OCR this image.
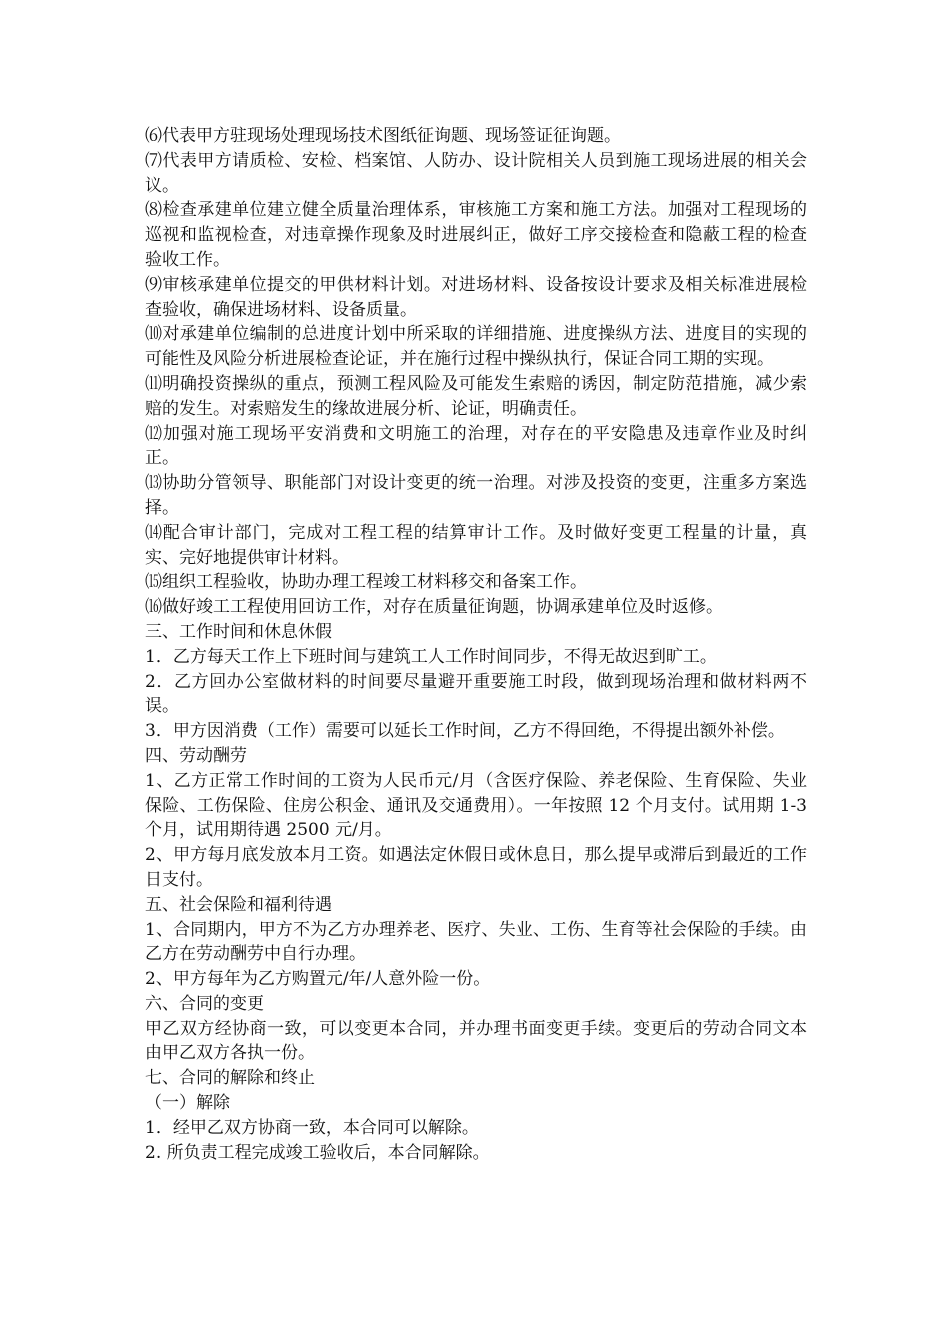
⑹代表甲方驻现场处理现场技术图纸征询题、现场签证征询题。

⑺代表甲方请质检、安检、档案馆、人防办、设计院相关人员到施工现场进展的相关会议。

⑻检查承建单位建立健全质量治理体系，审核施工方案和施工方法。加强对工程现场的巡视和监视检查，对违章操作现象及时进展纠正，做好工序交接检查和隐蔽工程的检查验收工作。

⑼审核承建单位提交的甲供材料计划。对进场材料、设备按设计要求及相关标准进展检查验收，确保进场材料、设备质量。

⑽对承建单位编制的总进度计划中所采取的详细措施、进度操纵方法、进度目的实现的可能性及风险分析进展检查论证，并在施行过程中操纵执行，保证合同工期的实现。

⑾明确投资操纵的重点，预测工程风险及可能发生索赔的诱因，制定防范措施，减少索赔的发生。对索赔发生的缘故进展分析、论证，明确责任。

⑿加强对施工现场平安消费和文明施工的治理，对存在的平安隐患及违章作业及时纠正。

⒀协助分管领导、职能部门对设计变更的统一治理。对涉及投资的变更，注重多方案选择。

⒁配合审计部门，完成对工程工程的结算审计工作。及时做好变更工程量的计量，真实、完好地提供审计材料。

⒂组织工程验收，协助办理工程竣工材料移交和备案工作。

⒃做好竣工工程使用回访工作，对存在质量征询题，协调承建单位及时返修。

三、工作时间和休息休假

1．乙方每天工作上下班时间与建筑工人工作时间同步，不得无故迟到旷工。

2．乙方回办公室做材料的时间要尽量避开重要施工时段，做到现场治理和做材料两不误。

3．甲方因消费（工作）需要可以延长工作时间，乙方不得回绝，不得提出额外补偿。

四、劳动酬劳

1、乙方正常工作时间的工资为人民币元/月（含医疗保险、养老保险、生育保险、失业保险、工伤保险、住房公积金、通讯及交通费用）。一年按照 12 个月支付。试用期 1-3 个月，试用期待遇 2500 元/月。

2、甲方每月底发放本月工资。如遇法定休假日或休息日，那么提早或滞后到最近的工作日支付。

五、社会保险和福利待遇

1、合同期内，甲方不为乙方办理养老、医疗、失业、工伤、生育等社会保险的手续。由乙方在劳动酬劳中自行办理。

2、甲方每年为乙方购置元/年/人意外险一份。

六、合同的变更

甲乙双方经协商一致，可以变更本合同，并办理书面变更手续。变更后的劳动合同文本由甲乙双方各执一份。

七、合同的解除和终止

（一）解除

1．经甲乙双方协商一致，本合同可以解除。

2. 所负责工程完成竣工验收后，本合同解除。
